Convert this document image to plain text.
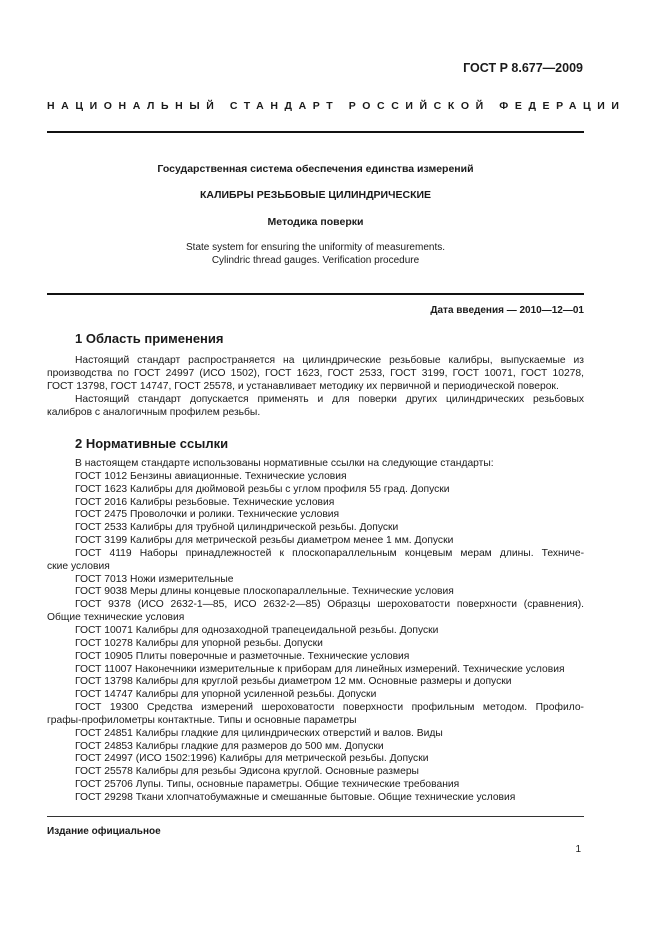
ГОСТ Р 8.677—2009
НАЦИОНАЛЬНЫЙ СТАНДАРТ РОССИЙСКОЙ ФЕДЕРАЦИИ
Государственная система обеспечения единства измерений
КАЛИБРЫ РЕЗЬБОВЫЕ ЦИЛИНДРИЧЕСКИЕ
Методика поверки
State system for ensuring the uniformity of measurements.
Cylindric thread gauges. Verification procedure
Дата введения — 2010—12—01
1 Область применения
Настоящий стандарт распространяется на цилиндрические резьбовые калибры, выпускаемые из
производства по ГОСТ 24997 (ИСО 1502), ГОСТ 1623, ГОСТ 2533, ГОСТ 3199, ГОСТ 10071, ГОСТ 10278,
ГОСТ 13798, ГОСТ 14747, ГОСТ 25578, и устанавливает методику их первичной и периодической поверок.
Настоящий стандарт допускается применять и для поверки других цилиндрических резьбовых
калибров с аналогичным профилем резьбы.
2 Нормативные ссылки
В настоящем стандарте использованы нормативные ссылки на следующие стандарты:
ГОСТ 1012 Бензины авиационные. Технические условия
ГОСТ 1623 Калибры для дюймовой резьбы с углом профиля 55 град. Допуски
ГОСТ 2016 Калибры резьбовые. Технические условия
ГОСТ 2475 Проволочки и ролики. Технические условия
ГОСТ 2533 Калибры для трубной цилиндрической резьбы. Допуски
ГОСТ 3199 Калибры для метрической резьбы диаметром менее 1 мм. Допуски
ГОСТ 4119 Наборы принадлежностей к плоскопараллельным концевым мерам длины. Техниче-
ские условия
ГОСТ 7013 Ножи измерительные
ГОСТ 9038 Меры длины концевые плоскопараллельные. Технические условия
ГОСТ 9378 (ИСО 2632-1—85, ИСО 2632-2—85) Образцы шероховатости поверхности (сравнения).
Общие технические условия
ГОСТ 10071 Калибры для однозаходной трапецеидальной резьбы. Допуски
ГОСТ 10278 Калибры для упорной резьбы. Допуски
ГОСТ 10905 Плиты поверочные и разметочные. Технические условия
ГОСТ 11007 Наконечники измерительные к приборам для линейных измерений. Технические условия
ГОСТ 13798 Калибры для круглой резьбы диаметром 12 мм. Основные размеры и допуски
ГОСТ 14747 Калибры для упорной усиленной резьбы. Допуски
ГОСТ 19300 Средства измерений шероховатости поверхности профильным методом. Профило-
графы-профилометры контактные. Типы и основные параметры
ГОСТ 24851 Калибры гладкие для цилиндрических отверстий и валов. Виды
ГОСТ 24853 Калибры гладкие для размеров до 500 мм. Допуски
ГОСТ 24997 (ИСО 1502:1996) Калибры для метрической резьбы. Допуски
ГОСТ 25578 Калибры для резьбы Эдисона круглой. Основные размеры
ГОСТ 25706 Лупы. Типы, основные параметры. Общие технические требования
ГОСТ 29298 Ткани хлопчатобумажные и смешанные бытовые. Общие технические условия
Издание официальное
1
